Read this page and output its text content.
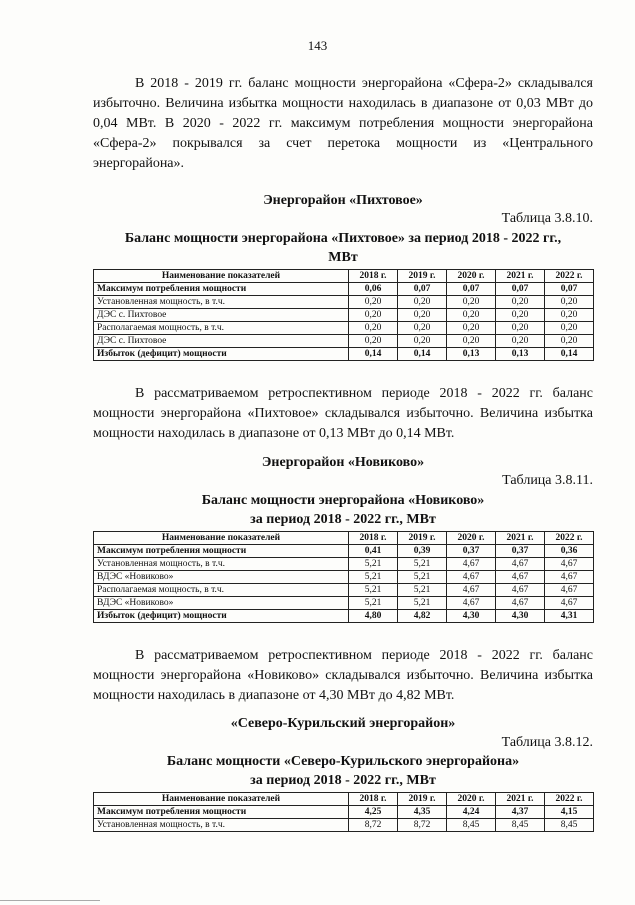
143

В 2018 - 2019 гг. баланс мощности энергорайона «Сфера-2» складывался избыточно. Величина избытка мощности находилась в диапазоне от 0,03 МВт до 0,04 МВт. В 2020 - 2022 гг. максимум потребления мощности энергорайона «Сфера-2» покрывался за счет перетока мощности из «Центрального энергорайона».

Энергорайон «Пихтовое»
Таблица 3.8.10.
Баланс мощности энергорайона «Пихтовое» за период 2018 - 2022 гг.,
МВт
Наименование показателей	2018 г.	2019 г.	2020 г.	2021 г.	2022 г.
Максимум потребления мощности	0,06	0,07	0,07	0,07	0,07
Установленная мощность, в т.ч.	0,20	0,20	0,20	0,20	0,20
ДЭС с. Пихтовое	0,20	0,20	0,20	0,20	0,20
Располагаемая мощность, в т.ч.	0,20	0,20	0,20	0,20	0,20
ДЭС с. Пихтовое	0,20	0,20	0,20	0,20	0,20
Избыток (дефицит) мощности	0,14	0,14	0,13	0,13	0,14

В рассматриваемом ретроспективном периоде 2018 - 2022 гг. баланс мощности энергорайона «Пихтовое» складывался избыточно. Величина избытка мощности находилась в диапазоне от 0,13 МВт до 0,14 МВт.

Энергорайон «Новиково»
Таблица 3.8.11.
Баланс мощности энергорайона «Новиково»
за период 2018 - 2022 гг., МВт
Наименование показателей	2018 г.	2019 г.	2020 г.	2021 г.	2022 г.
Максимум потребления мощности	0,41	0,39	0,37	0,37	0,36
Установленная мощность, в т.ч.	5,21	5,21	4,67	4,67	4,67
ВДЭС «Новиково»	5,21	5,21	4,67	4,67	4,67
Располагаемая мощность, в т.ч.	5,21	5,21	4,67	4,67	4,67
ВДЭС «Новиково»	5,21	5,21	4,67	4,67	4,67
Избыток (дефицит) мощности	4,80	4,82	4,30	4,30	4,31

В рассматриваемом ретроспективном периоде 2018 - 2022 гг. баланс мощности энергорайона «Новиково» складывался избыточно. Величина избытка мощности находилась в диапазоне от 4,30 МВт до 4,82 МВт.

«Северо-Курильский энергорайон»
Таблица 3.8.12.
Баланс мощности «Северо-Курильского энергорайона»
за период 2018 - 2022 гг., МВт
Наименование показателей	2018 г.	2019 г.	2020 г.	2021 г.	2022 г.
Максимум потребления мощности	4,25	4,35	4,24	4,37	4,15
Установленная мощность, в т.ч.	8,72	8,72	8,45	8,45	8,45
